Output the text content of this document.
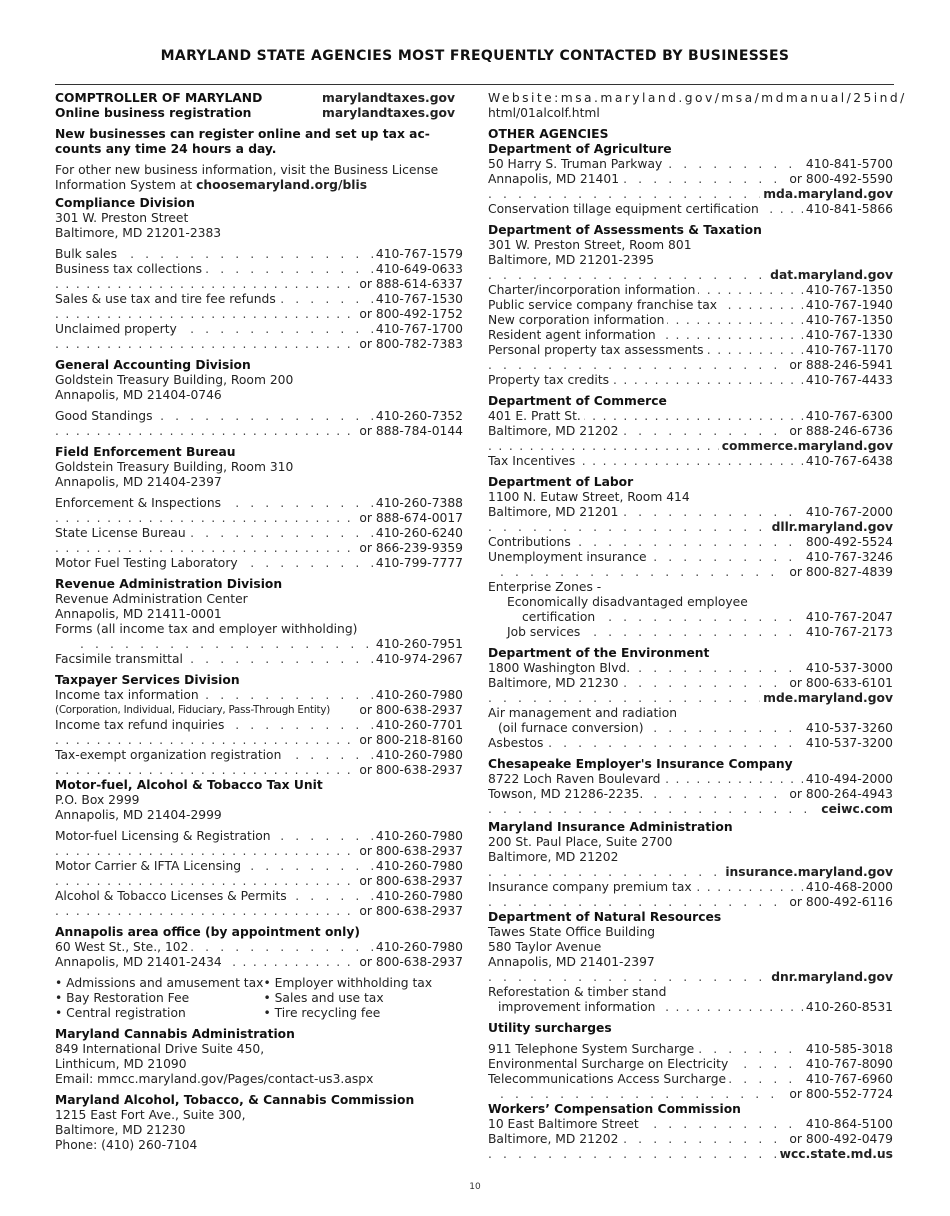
MARYLAND STATE AGENCIES MOST FREQUENTLY CONTACTED BY BUSINESSES
COMPTROLLER OF MARYLAND	marylandtaxes.gov
Online business registration	marylandtaxes.gov
New businesses can register online and set up tax ac-
counts any time 24 hours a day.
For other new business information, visit the Business License
Information System at choosemaryland.org/blis
Compliance Division
301 W. Preston Street
Baltimore, MD 21201-2383
Bulk sales . . .	410-767-1579
Business tax collections . . .	410-649-0633
. . .
or 888-614-6337
Sales & use tax and tire fee refunds . . .	410-767-1530
. . .
or 800-492-1752
Unclaimed property . . .	410-767-1700
. . .
or 800-782-7383
General Accounting Division
Goldstein Treasury Building, Room 200
Annapolis, MD 21404-0746
Good Standings . . .	410-260-7352
. . .
or 888-784-0144
Field Enforcement Bureau
Goldstein Treasury Building, Room 310
Annapolis, MD 21404-2397
Enforcement & Inspections . . .	410-260-7388
. . .
or 888-674-0017
State License Bureau . . .	410-260-6240
. . .
or 866-239-9359
Motor Fuel Testing Laboratory . . .	410-799-7777
Revenue Administration Division
Revenue Administration Center
Annapolis, MD 21411-0001
Forms (all income tax and employer withholding)
. . .
410-260-7951
Facsimile transmittal . . .	410-974-2967
Taxpayer Services Division
Income tax information . . .	410-260-7980
(Corporation, Individual, Fiduciary, Pass-Through Entity) or 800-638-2937
Income tax refund inquiries . . .	410-260-7701
. . .
or 800-218-8160
Tax-exempt organization registration . . .	410-260-7980
. . .
or 800-638-2937
Motor-fuel, Alcohol & Tobacco Tax Unit
P.O. Box 2999
Annapolis, MD 21404-2999
Motor-fuel Licensing & Registration . . .	410-260-7980
. . .
or 800-638-2937
Motor Carrier & IFTA Licensing . . .	410-260-7980
. . .
or 800-638-2937
Alcohol & Tobacco Licenses & Permits . . .	410-260-7980
. . .
or 800-638-2937
Annapolis area office (by appointment only)
60 West St., Ste., 102 . . .	410-260-7980
Annapolis, MD 21401-2434 . . .	or 800-638-2937
• Admissions and amusement tax
• Bay Restoration Fee
• Central registration
• Employer withholding tax
• Sales and use tax
• Tire recycling fee
Maryland Cannabis Administration
849 International Drive Suite 450,
Linthicum, MD 21090
Email: mmcc.maryland.gov/Pages/contact-us3.aspx
Maryland Alcohol, Tobacco, & Cannabis Commission
1215 East Fort Ave., Suite 300,
Baltimore, MD 21230
Phone: (410) 260-7104
Website:msa.maryland.gov/msa/mdmanual/25ind/
html/01alcolf.html
OTHER AGENCIES
Department of Agriculture
50 Harry S. Truman Parkway . . .	410-841-5700
Annapolis, MD 21401 . . .	or 800-492-5590
. . .
mda.maryland.gov
Conservation tillage equipment certification . . .	410-841-5866
Department of Assessments & Taxation
301 W. Preston Street, Room 801
Baltimore, MD 21201-2395
. . .
dat.maryland.gov
Charter/incorporation information . . .	410-767-1350
Public service company franchise tax . . .	410-767-1940
New corporation information . . .	410-767-1350
Resident agent information . . .	410-767-1330
Personal property tax assessments . . .	410-767-1170
. . .
or 888-246-5941
Property tax credits . . .	410-767-4433
Department of Commerce
401 E. Pratt St. . . .	410-767-6300
Baltimore, MD 21202 . . .	or 888-246-6736
. . .
commerce.maryland.gov
Tax Incentives . . .	410-767-6438
Department of Labor
1100 N. Eutaw Street, Room 414
Baltimore, MD 21201 . . .	410-767-2000
. . .
dllr.maryland.gov
Contributions . . .	800-492-5524
Unemployment insurance . . .	410-767-3246
. . .
or 800-827-4839
Enterprise Zones -
Economically disadvantaged employee
certification . . .	410-767-2047
Job services . . .	410-767-2173
Department of the Environment
1800 Washington Blvd. . . .	410-537-3000
Baltimore, MD 21230 . . .	or 800-633-6101
. . .
mde.maryland.gov
Air management and radiation
(oil furnace conversion) . . .	410-537-3260
Asbestos . . .	410-537-3200
Chesapeake Employer's Insurance Company
8722 Loch Raven Boulevard . . .	410-494-2000
Towson, MD 21286-2235. . . .	or 800-264-4943
. . .
ceiwc.com
Maryland Insurance Administration
200 St. Paul Place, Suite 2700
Baltimore, MD 21202
. . .
insurance.maryland.gov
Insurance company premium tax . . .	410-468-2000
. . .
or 800-492-6116
Department of Natural Resources
Tawes State Office Building
580 Taylor Avenue
Annapolis, MD 21401-2397
. . .
dnr.maryland.gov
Reforestation & timber stand
improvement information . . .	410-260-8531
Utility surcharges
911 Telephone System Surcharge . . .	410-585-3018
Environmental Surcharge on Electricity . . .	410-767-8090
Telecommunications Access Surcharge . . .	410-767-6960
. . .
or 800-552-7724
Workers’ Compensation Commission
10 East Baltimore Street . . .	410-864-5100
Baltimore, MD 21202 . . .	or 800-492-0479
. . .
wcc.state.md.us
10
